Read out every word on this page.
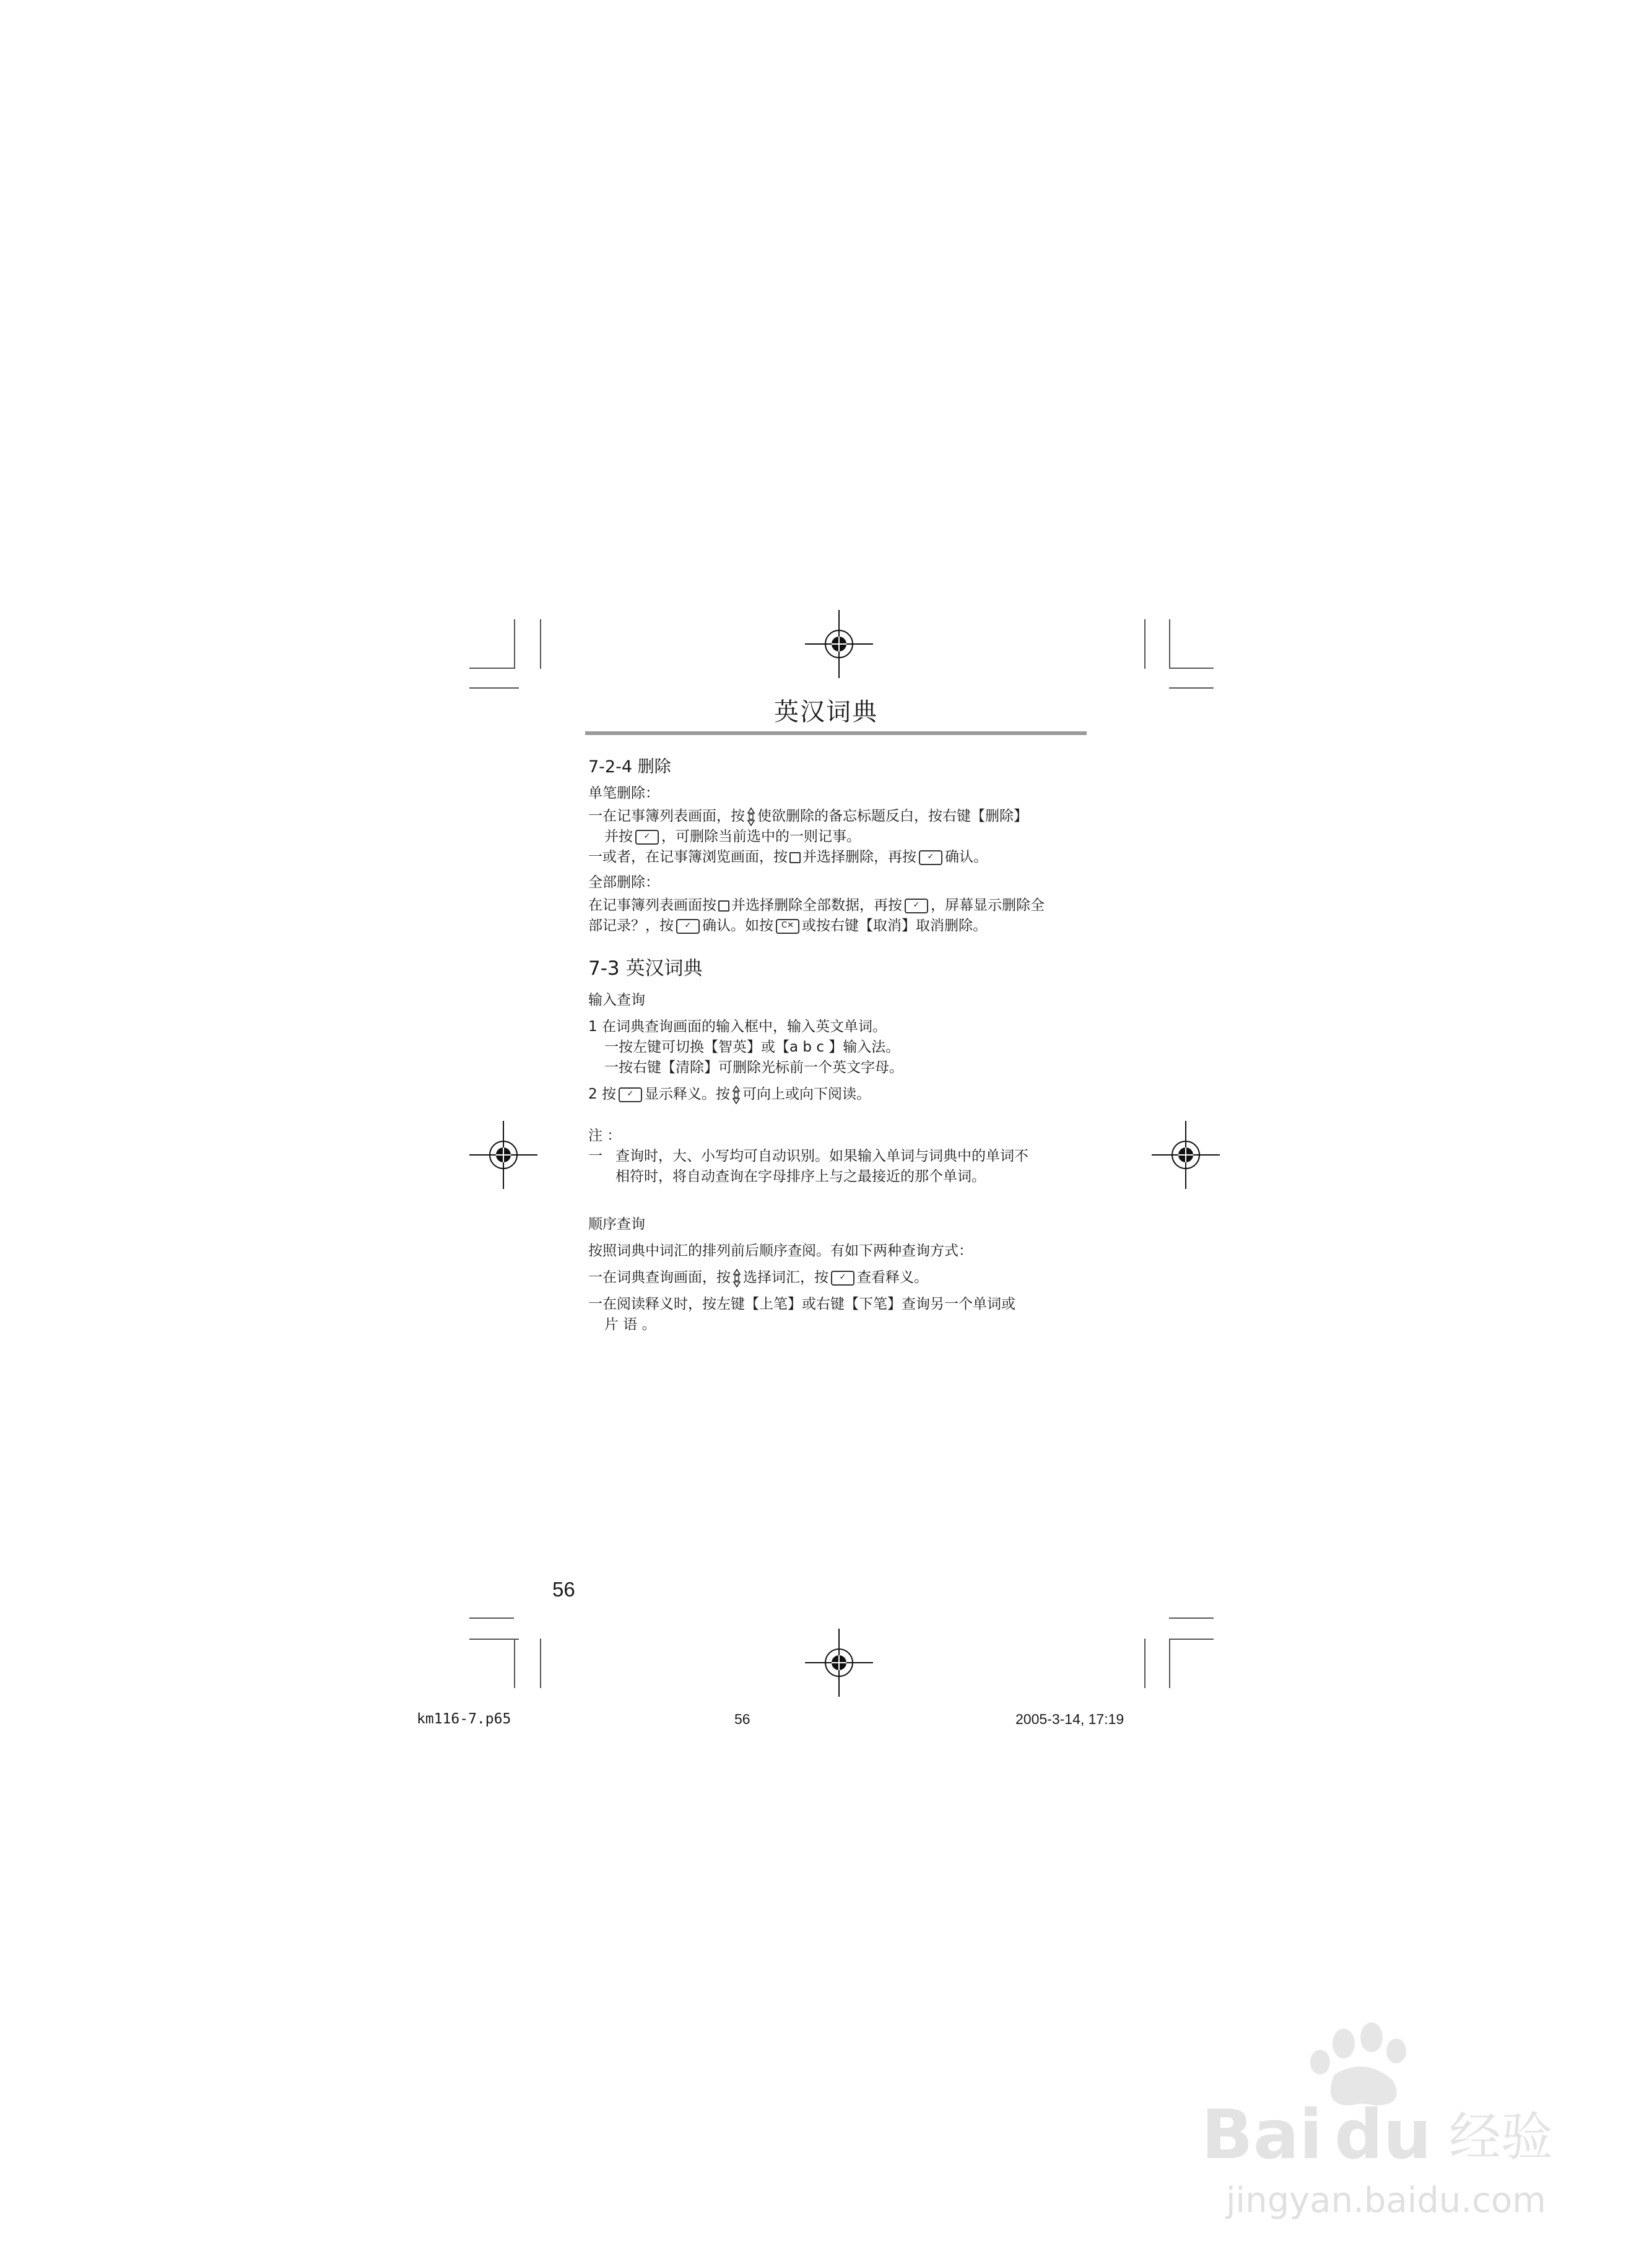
英汉词典

7-2-4 删除

单笔删除：

一在记事簿列表画面，按 使欲删除的备忘标题反白，按右键【删除】

并按 ✓ ，可删除当前选中的一则记事。

一或者，在记事簿浏览画面，按 并选择删除，再按 ✓ 确认。

全部删除：

在记事簿列表画面按 并选择删除全部数据，再按 ✓ ，屏幕显示删除全

部记录？，按 ✓ 确认。如按 C✕ 或按右键【取消】取消删除。

7-3 英汉词典

输入查询

1 在词典查询画面的输入框中，输入英文单词。

一按左键可切换【智英】或【a b c 】输入法。

一按右键【清除】可删除光标前一个英文字母。

2 按 ✓ 显示释义。按 可向上或向下阅读。

注 ：

一 查询时，大、小写均可自动识别。如果输入单词与词典中的单词不

相符时，将自动查询在字母排序上与之最接近的那个单词。

顺序查询

按照词典中词汇的排列前后顺序查阅。有如下两种查询方式：

一在词典查询画面，按 选择词汇，按 ✓ 查看释义。

一在阅读释义时，按左键【上笔】或右键【下笔】查询另一个单词或

片 语 。

56
km116-7.p65	56	2005-3-14, 17:19
Bai du 经验
jingyan.baidu.com
